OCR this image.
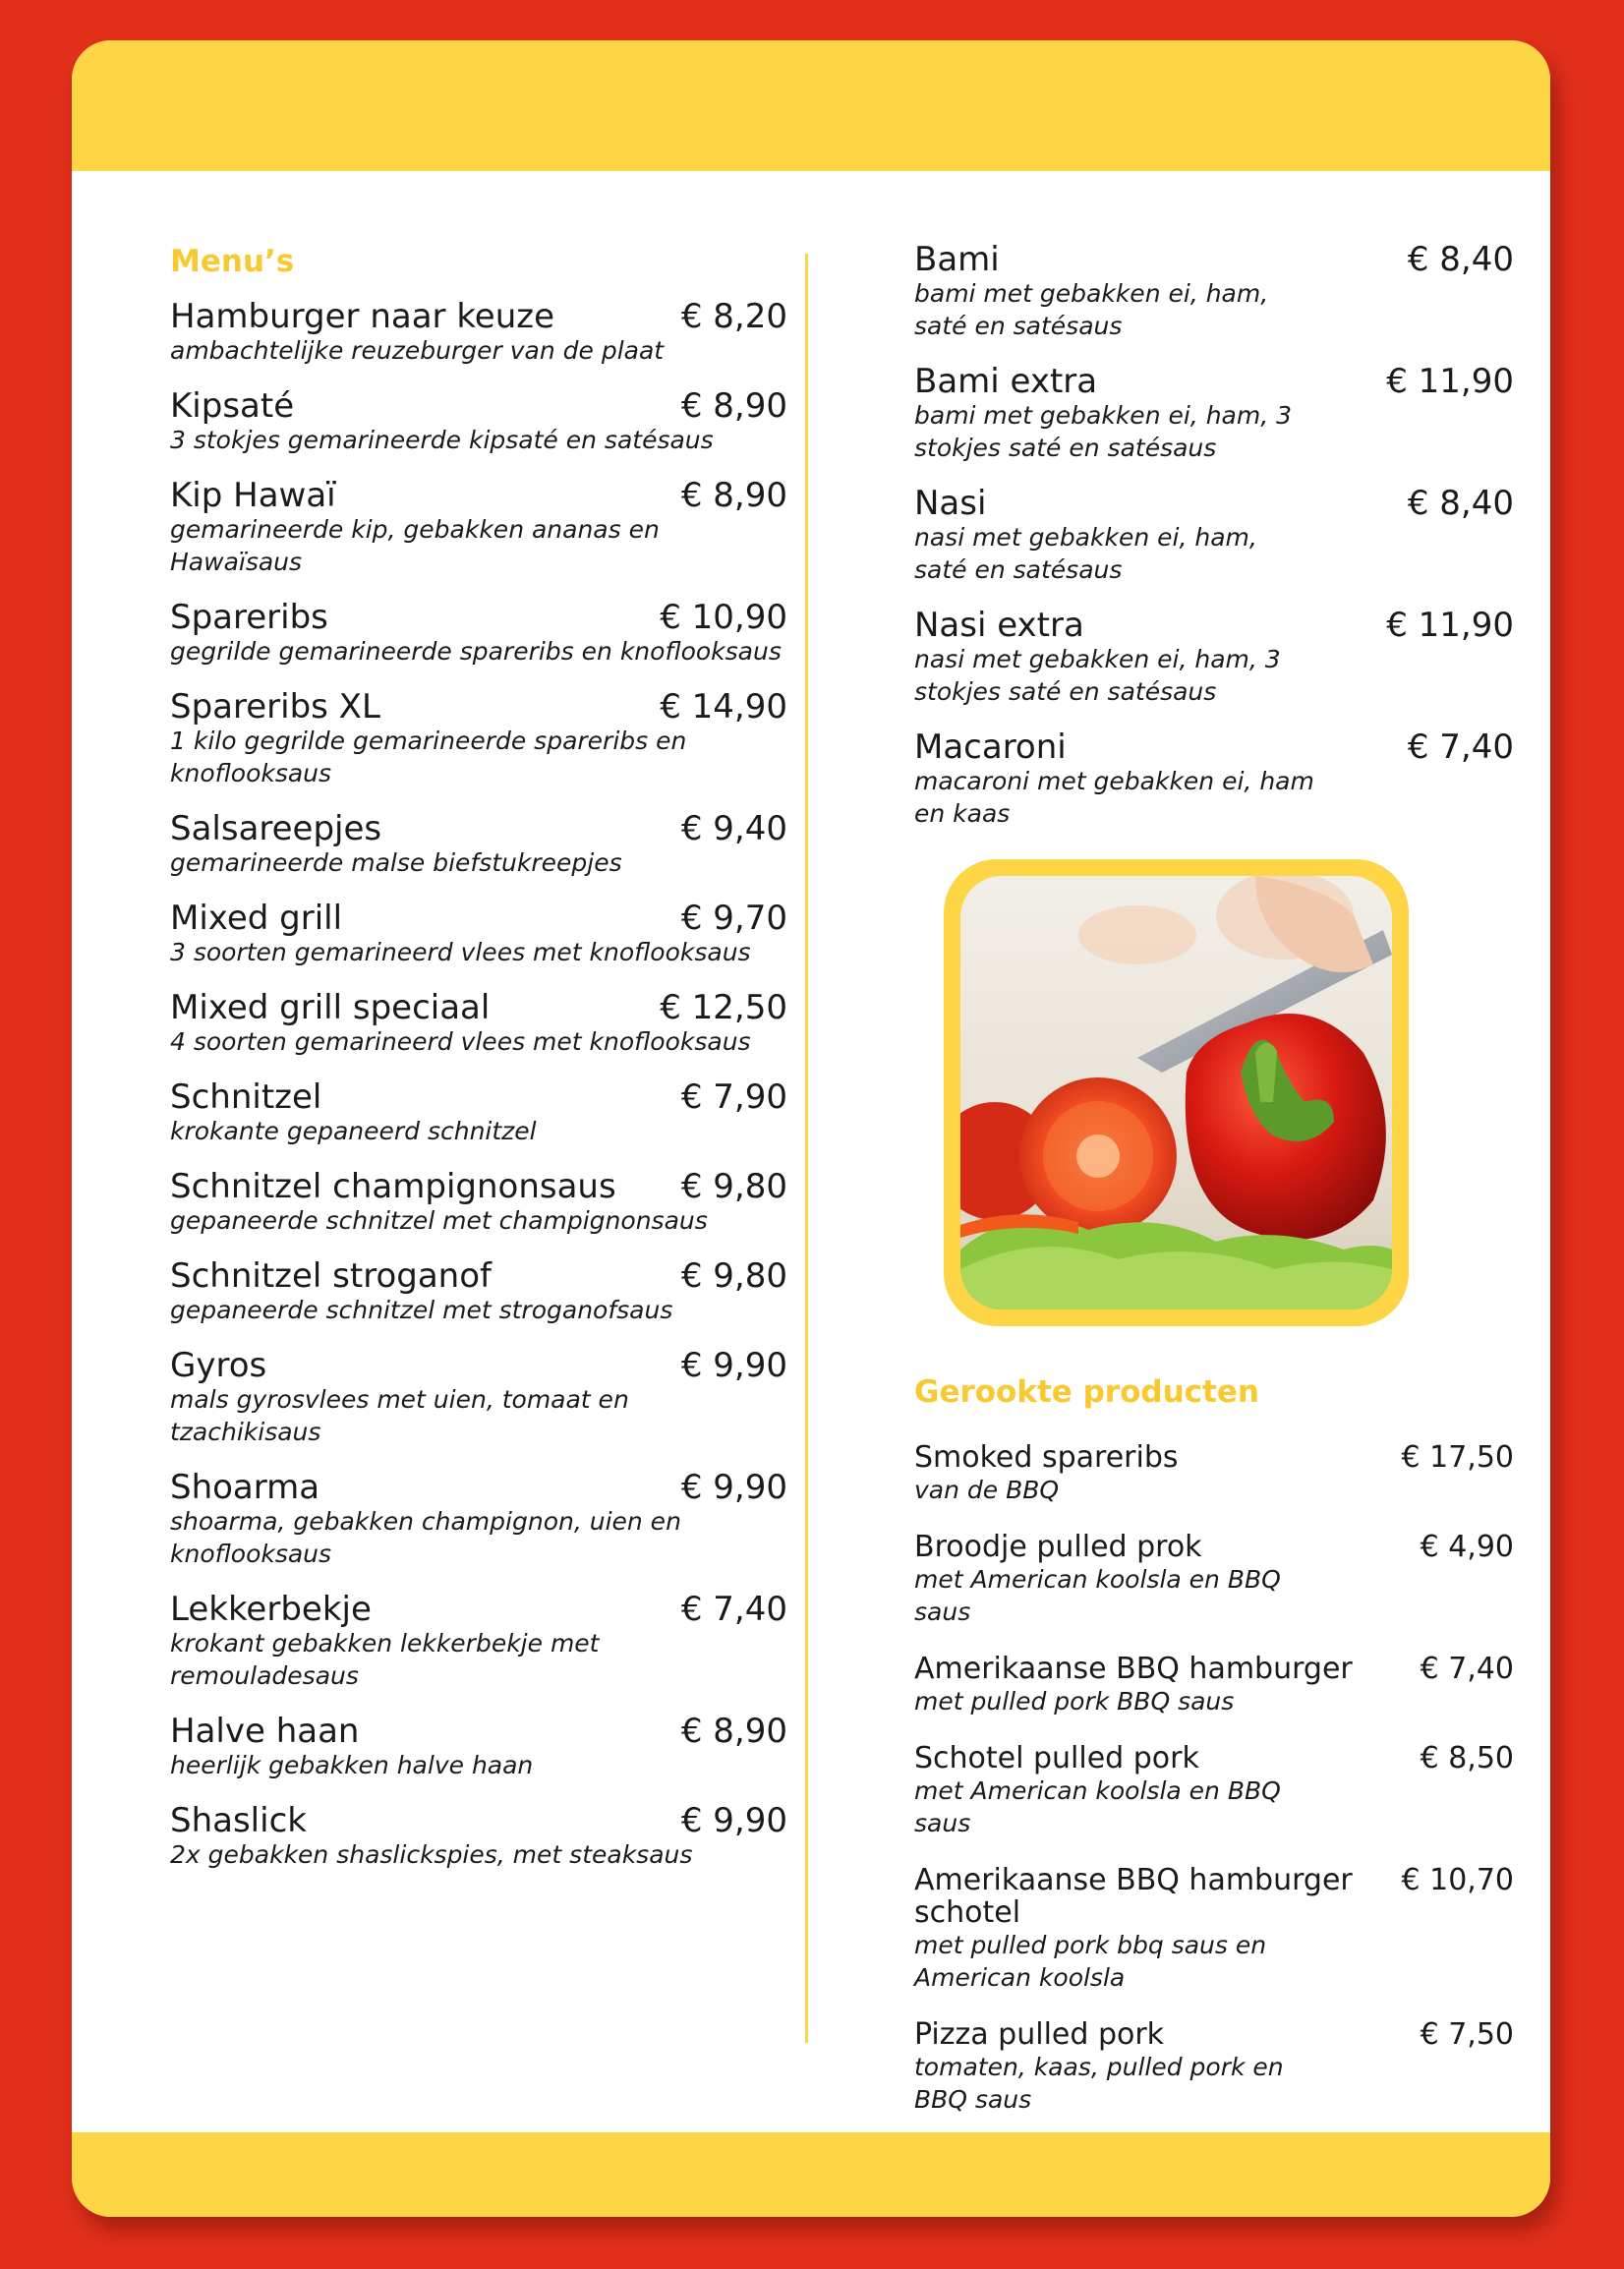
Menu’s
Hamburger naar keuze	€ 8,20
ambachtelijke reuzeburger van de plaat
Kipsaté	€ 8,90
3 stokjes gemarineerde kipsaté en satésaus
Kip Hawaï	€ 8,90
gemarineerde kip, gebakken ananas en Hawaïsaus
Spareribs	€ 10,90
gegrilde gemarineerde spareribs en knoflooksaus
Spareribs XL	€ 14,90
1 kilo gegrilde gemarineerde spareribs en knoflooksaus
Salsareepjes	€ 9,40
gemarineerde malse biefstukreepjes
Mixed grill	€ 9,70
3 soorten gemarineerd vlees met knoflooksaus
Mixed grill speciaal	€ 12,50
4 soorten gemarineerd vlees met knoflooksaus
Schnitzel	€ 7,90
krokante gepaneerd schnitzel
Schnitzel champignonsaus	€ 9,80
gepaneerde schnitzel met champignonsaus
Schnitzel stroganof	€ 9,80
gepaneerde schnitzel met stroganofsaus
Gyros	€ 9,90
mals gyrosvlees met uien, tomaat en tzachikisaus
Shoarma	€ 9,90
shoarma, gebakken champignon, uien en knoflooksaus
Lekkerbekje	€ 7,40
krokant gebakken lekkerbekje met remouladesaus
Halve haan	€ 8,90
heerlijk gebakken halve haan
Shaslick	€ 9,90
2x gebakken shaslickspies, met steaksaus
Bami	€ 8,40
bami met gebakken ei, ham, saté en satésaus
Bami extra	€ 11,90
bami met gebakken ei, ham, 3 stokjes saté en satésaus
Nasi	€ 8,40
nasi met gebakken ei, ham, saté en satésaus
Nasi extra	€ 11,90
nasi met gebakken ei, ham, 3 stokjes saté en satésaus
Macaroni	€ 7,40
macaroni met gebakken ei, ham en kaas
Gerookte producten
Smoked spareribs	€ 17,50
van de BBQ
Broodje pulled prok	€ 4,90
met American koolsla en BBQ saus
Amerikaanse BBQ hamburger	€ 7,40
met pulled pork BBQ saus
Schotel pulled pork	€ 8,50
met American koolsla en BBQ saus
Amerikaanse BBQ hamburger schotel
€ 10,70
met pulled pork bbq saus en American koolsla
Pizza pulled pork	€ 7,50
tomaten, kaas, pulled pork en BBQ saus
